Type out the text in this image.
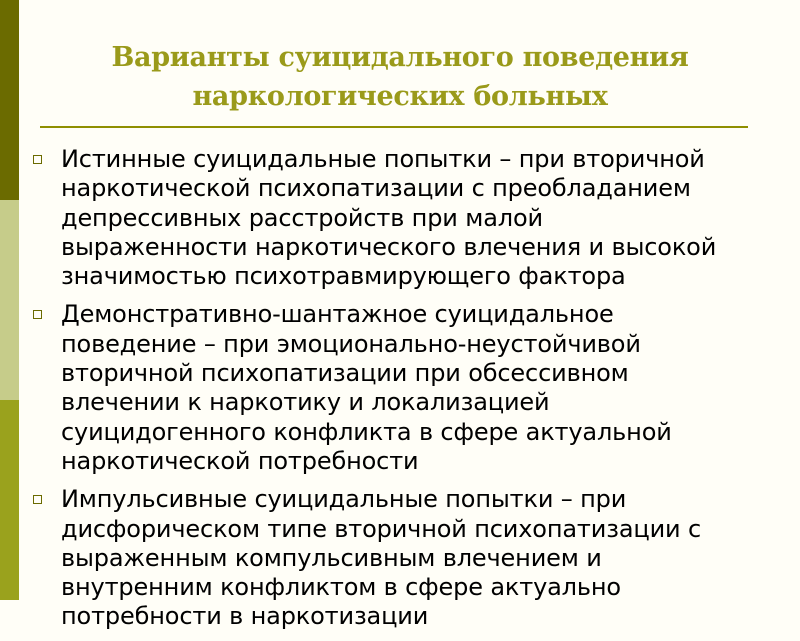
Варианты суицидального поведения
наркологических больных
Истинные суицидальные попытки – при вторичной
наркотической психопатизации с преобладанием
депрессивных расстройств при малой
выраженности наркотического влечения и высокой
значимостью психотравмирующего фактора
Демонстративно-шантажное суицидальное
поведение – при эмоционально-неустойчивой
вторичной психопатизации при обсессивном
влечении к наркотику и локализацией
суицидогенного конфликта в сфере актуальной
наркотической потребности
Импульсивные суицидальные попытки – при
дисфорическом типе вторичной психопатизации с
выраженным компульсивным влечением и
внутренним конфликтом в сфере актуально
потребности в наркотизации
